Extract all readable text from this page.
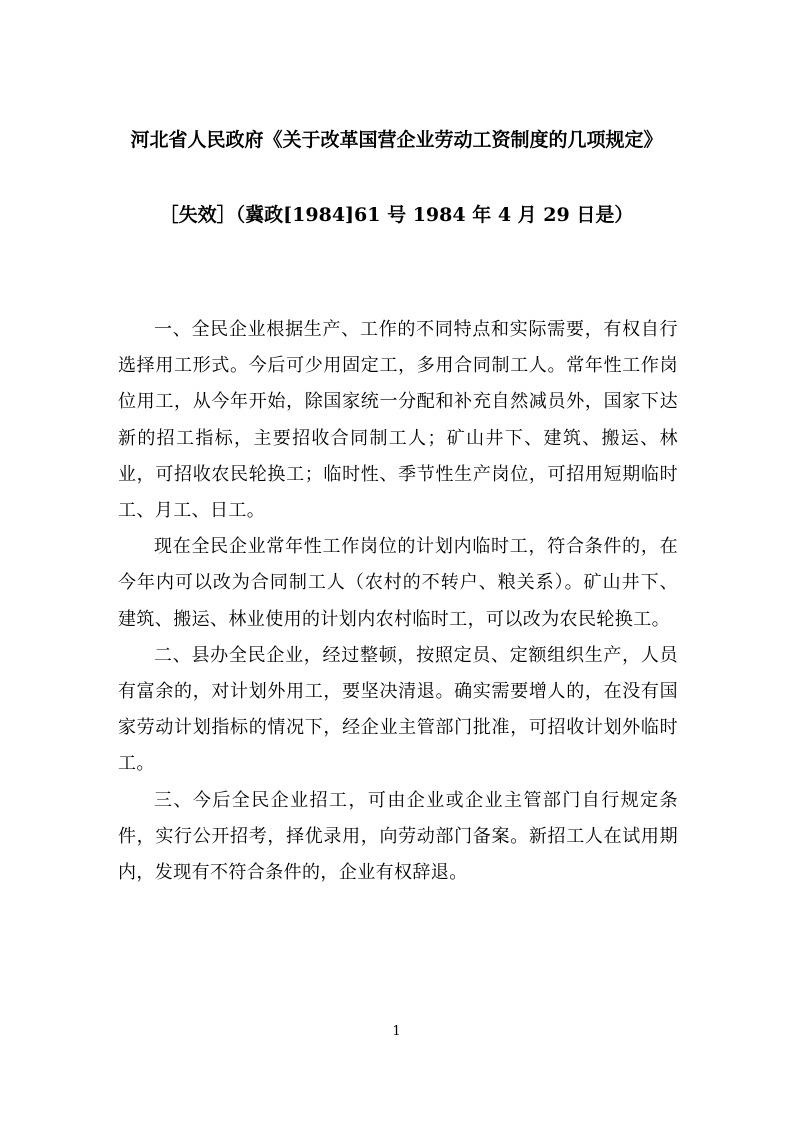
河北省人民政府《关于改革国营企业劳动工资制度的几项规定》
［失效］（冀政[1984]61 号 1984 年 4 月 29 日是）

一、全民企业根据生产、工作的不同特点和实际需要，有权自行选择用工形式。今后可少用固定工，多用合同制工人。常年性工作岗位用工，从今年开始，除国家统一分配和补充自然减员外，国家下达新的招工指标，主要招收合同制工人；矿山井下、建筑、搬运、林业，可招收农民轮换工；临时性、季节性生产岗位，可招用短期临时工、月工、日工。

现在全民企业常年性工作岗位的计划内临时工，符合条件的，在今年内可以改为合同制工人（农村的不转户、粮关系）。矿山井下、建筑、搬运、林业使用的计划内农村临时工，可以改为农民轮换工。

二、县办全民企业，经过整顿，按照定员、定额组织生产，人员有富余的，对计划外用工，要坚决清退。确实需要增人的，在没有国家劳动计划指标的情况下，经企业主管部门批准，可招收计划外临时工。

三、今后全民企业招工，可由企业或企业主管部门自行规定条件，实行公开招考，择优录用，向劳动部门备案。新招工人在试用期内，发现有不符合条件的，企业有权辞退。

1
